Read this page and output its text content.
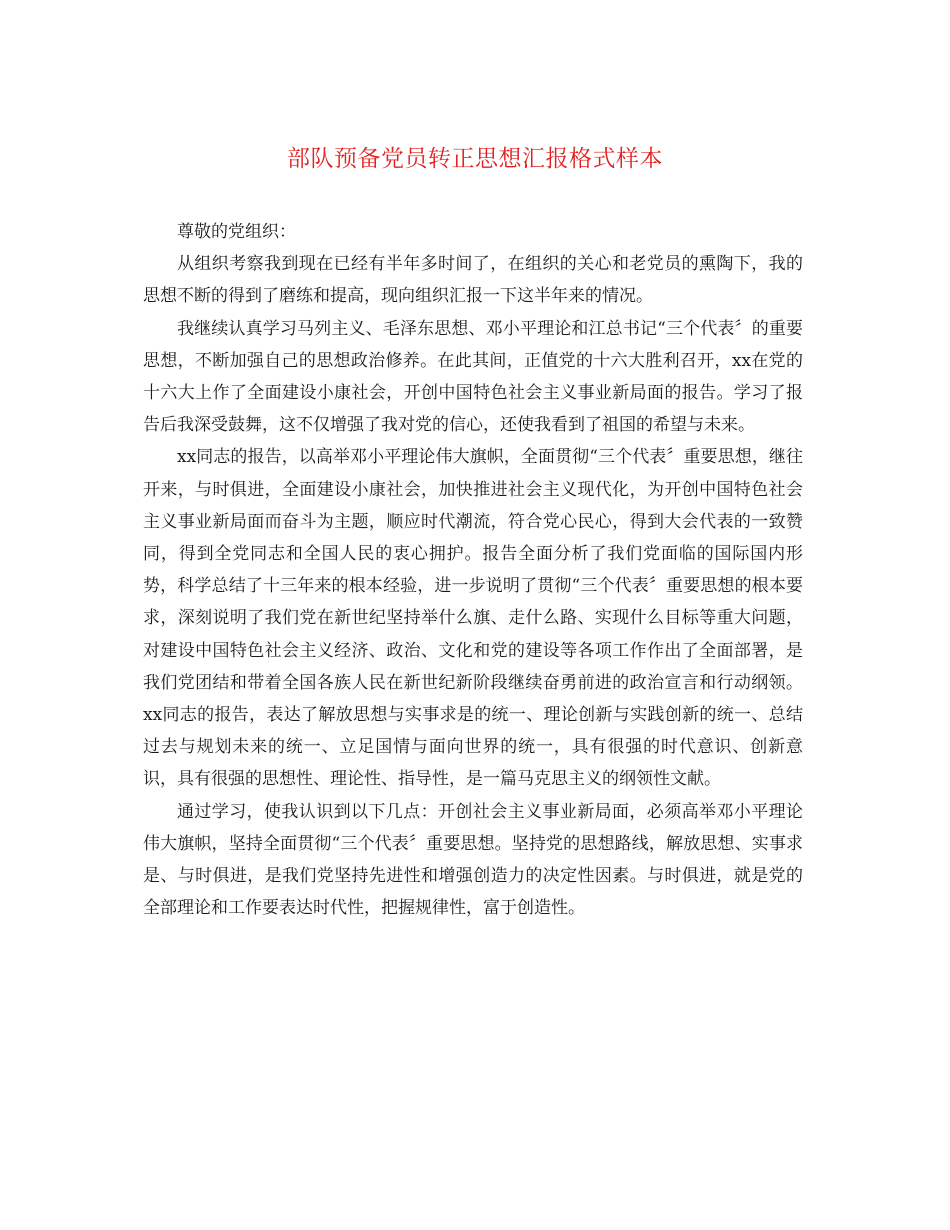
部队预备党员转正思想汇报格式样本

尊敬的党组织：

从组织考察我到现在已经有半年多时间了，在组织的关心和老党员的熏陶下，我的思想不断的得到了磨练和提高，现向组织汇报一下这半年来的情况。

我继续认真学习马列主义、毛泽东思想、邓小平理论和江总书记“三个代表〞的重要思想，不断加强自己的思想政治修养。在此其间，正值党的十六大胜利召开，xx在党的十六大上作了全面建设小康社会，开创中国特色社会主义事业新局面的报告。学习了报告后我深受鼓舞，这不仅增强了我对党的信心，还使我看到了祖国的希望与未来。

xx同志的报告，以高举邓小平理论伟大旗帜，全面贯彻“三个代表〞重要思想，继往开来，与时俱进，全面建设小康社会，加快推进社会主义现代化，为开创中国特色社会主义事业新局面而奋斗为主题，顺应时代潮流，符合党心民心，得到大会代表的一致赞同，得到全党同志和全国人民的衷心拥护。报告全面分析了我们党面临的国际国内形势，科学总结了十三年来的根本经验，进一步说明了贯彻“三个代表〞重要思想的根本要求，深刻说明了我们党在新世纪坚持举什么旗、走什么路、实现什么目标等重大问题，对建设中国特色社会主义经济、政治、文化和党的建设等各项工作作出了全面部署，是我们党团结和带着全国各族人民在新世纪新阶段继续奋勇前进的政治宣言和行动纲领。xx同志的报告，表达了解放思想与实事求是的统一、理论创新与实践创新的统一、总结过去与规划未来的统一、立足国情与面向世界的统一，具有很强的时代意识、创新意识，具有很强的思想性、理论性、指导性，是一篇马克思主义的纲领性文献。

通过学习，使我认识到以下几点：开创社会主义事业新局面，必须高举邓小平理论伟大旗帜，坚持全面贯彻“三个代表〞重要思想。坚持党的思想路线，解放思想、实事求是、与时俱进，是我们党坚持先进性和增强创造力的决定性因素。与时俱进，就是党的全部理论和工作要表达时代性，把握规律性，富于创造性。
